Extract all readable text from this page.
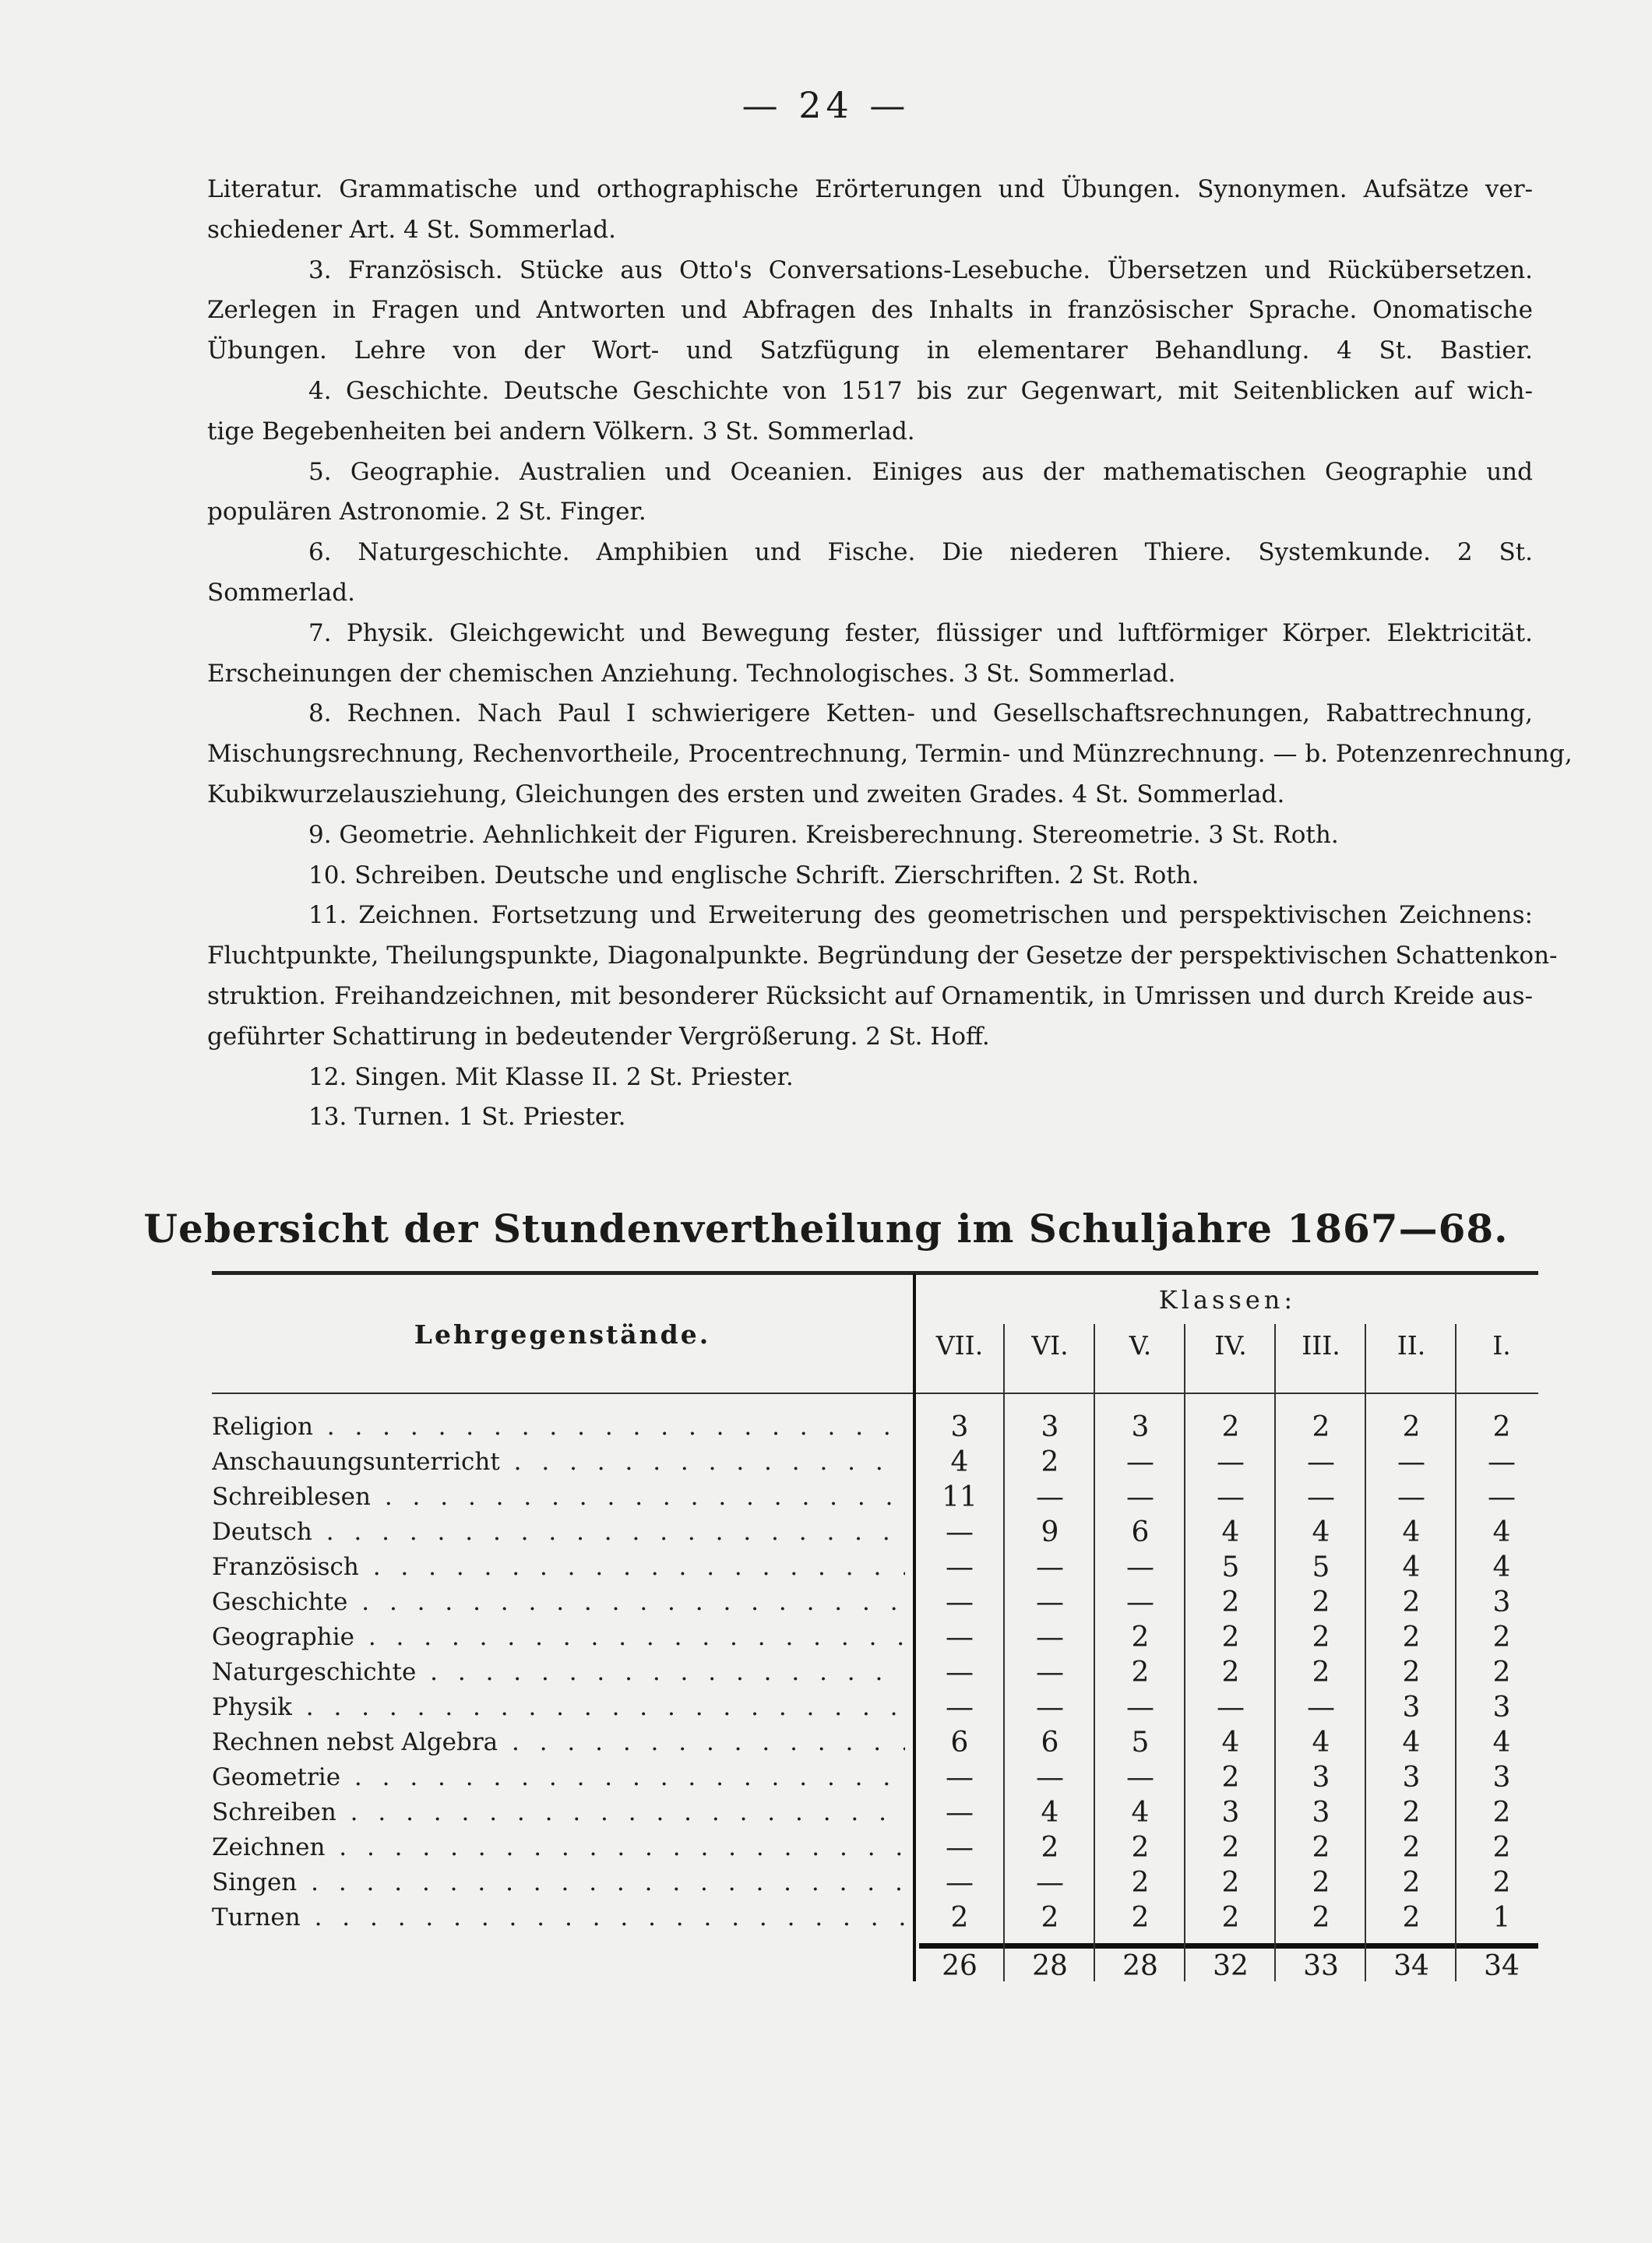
— 24 —
Literatur. Grammatische und orthographische Erörterungen und Übungen. Synonymen. Aufsätze ver-
schiedener Art. 4 St. Sommerlad.
3. Französisch. Stücke aus Otto's Conversations-Lesebuche. Übersetzen und Rückübersetzen.
Zerlegen in Fragen und Antworten und Abfragen des Inhalts in französischer Sprache. Onomatische
Übungen. Lehre von der Wort- und Satzfügung in elementarer Behandlung. 4 St. Bastier.
4. Geschichte. Deutsche Geschichte von 1517 bis zur Gegenwart, mit Seitenblicken auf wich-
tige Begebenheiten bei andern Völkern. 3 St. Sommerlad.
5. Geographie. Australien und Oceanien. Einiges aus der mathematischen Geographie und
populären Astronomie. 2 St. Finger.
6. Naturgeschichte. Amphibien und Fische. Die niederen Thiere. Systemkunde. 2 St.
Sommerlad.
7. Physik. Gleichgewicht und Bewegung fester, flüssiger und luftförmiger Körper. Elektricität.
Erscheinungen der chemischen Anziehung. Technologisches. 3 St. Sommerlad.
8. Rechnen. Nach Paul I schwierigere Ketten- und Gesellschaftsrechnungen, Rabattrechnung,
Mischungsrechnung, Rechenvortheile, Procentrechnung, Termin- und Münzrechnung. — b. Potenzenrechnung,
Kubikwurzelausziehung, Gleichungen des ersten und zweiten Grades. 4 St. Sommerlad.
9. Geometrie. Aehnlichkeit der Figuren. Kreisberechnung. Stereometrie. 3 St. Roth.
10. Schreiben. Deutsche und englische Schrift. Zierschriften. 2 St. Roth.
11. Zeichnen. Fortsetzung und Erweiterung des geometrischen und perspektivischen Zeichnens:
Fluchtpunkte, Theilungspunkte, Diagonalpunkte. Begründung der Gesetze der perspektivischen Schattenkon-
struktion. Freihandzeichnen, mit besonderer Rücksicht auf Ornamentik, in Umrissen und durch Kreide aus-
geführter Schattirung in bedeutender Vergrößerung. 2 St. Hoff.
12. Singen. Mit Klasse II. 2 St. Priester.
13. Turnen. 1 St. Priester.
Uebersicht der Stundenvertheilung im Schuljahre 1867—68.
Klassen:
Lehrgegenstände.	VII.	VI.	V.	IV.	III.	II.	I.
Religion . . .	3	3	3	2	2	2	2
Anschauungsunterricht . . .	4	2	—	—	—	—	—
Schreiblesen . . .	11	—	—	—	—	—	—
Deutsch . . .	—	9	6	4	4	4	4
Französisch . . .	—	—	—	5	5	4	4
Geschichte . . .	—	—	—	2	2	2	3
Geographie . . .	—	—	2	2	2	2	2
Naturgeschichte . . .	—	—	2	2	2	2	2
Physik . . .	—	—	—	—	—	3	3
Rechnen nebst Algebra . . .	6	6	5	4	4	4	4
Geometrie . . .	—	—	—	2	3	3	3
Schreiben . . .	—	4	4	3	3	2	2
Zeichnen . . .	—	2	2	2	2	2	2
Singen . . .	—	—	2	2	2	2	2
Turnen . . .	2	2	2	2	2	2	1
26	28	28	32	33	34	34
